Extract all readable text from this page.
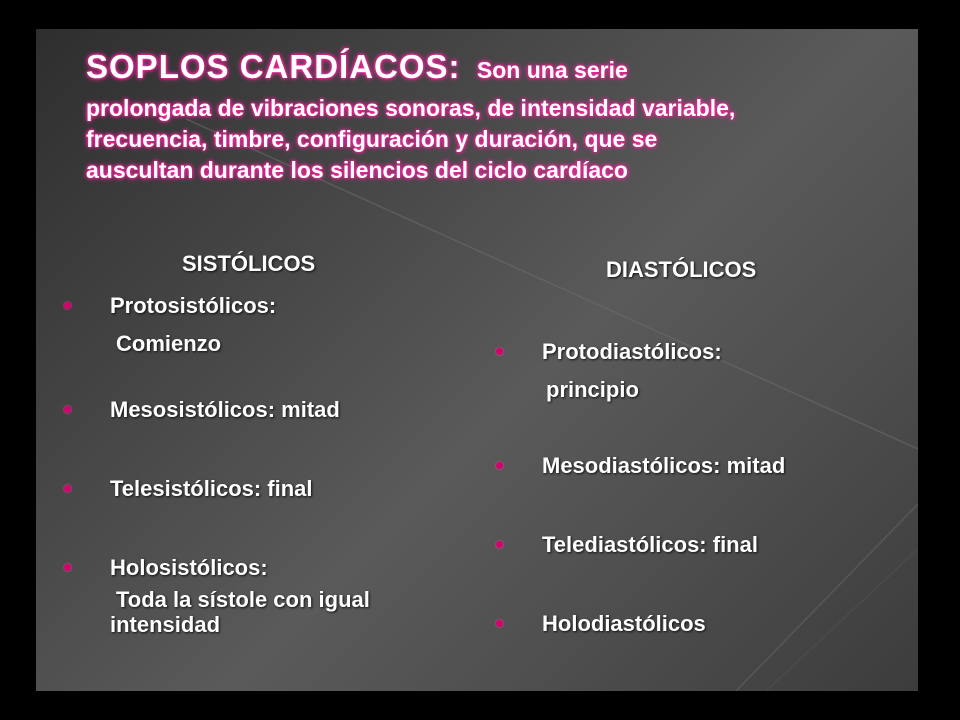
SOPLOS CARDÍACOS: Son una serie
prolongada de vibraciones sonoras, de intensidad variable,
frecuencia, timbre, configuración y duración, que se
auscultan durante los silencios del ciclo cardíaco
SISTÓLICOS
Protosistólicos:
Comienzo
Mesosistólicos: mitad
Telesistólicos: final
Holosistólicos:
Toda la sístole con igual intensidad
DIASTÓLICOS
Protodiastólicos:
principio
Mesodiastólicos: mitad
Telediastólicos: final
Holodiastólicos
